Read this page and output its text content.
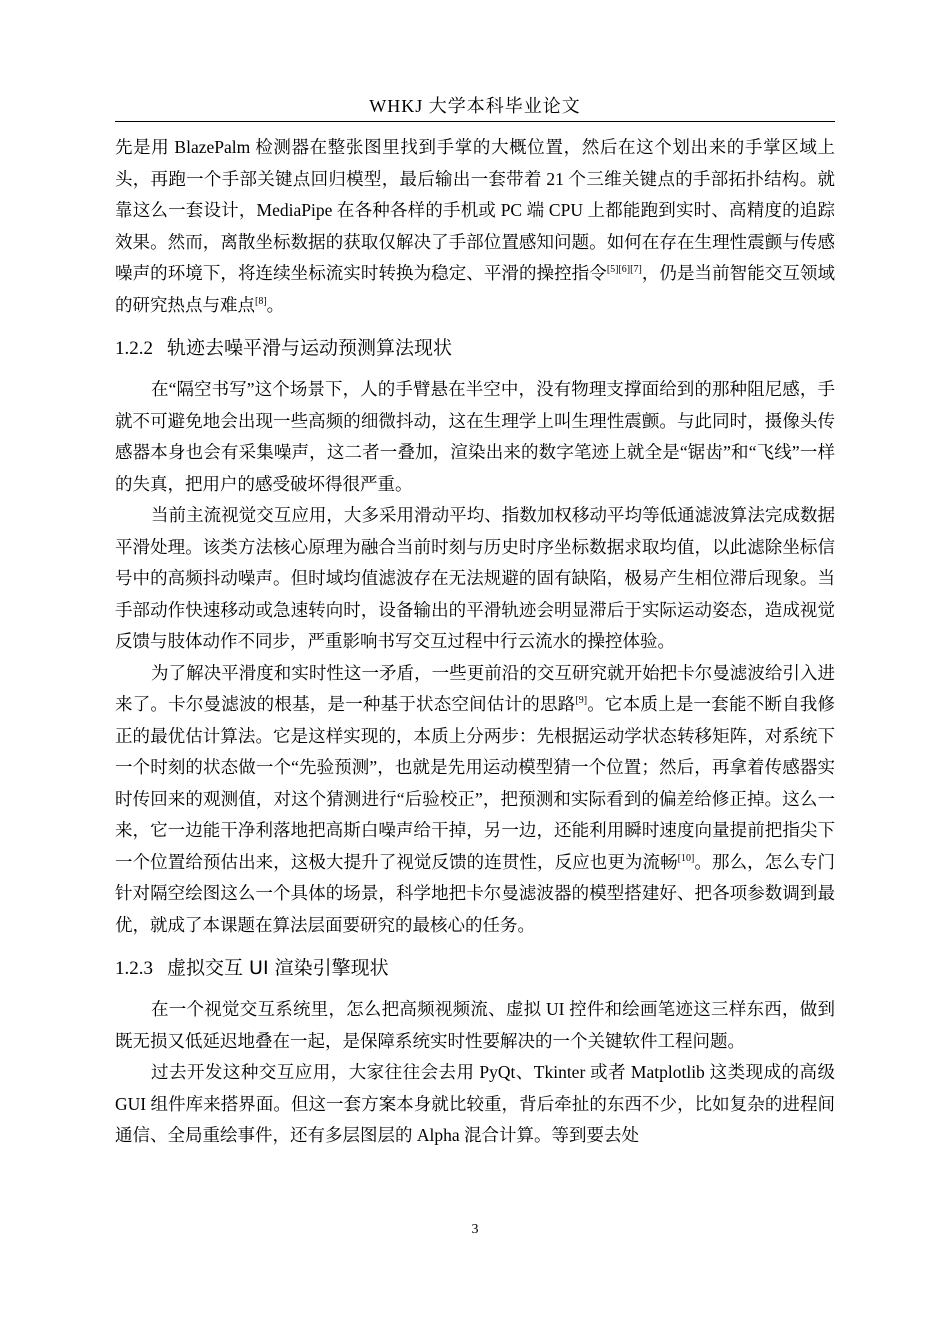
WHKJ 大学本科毕业论文

先是用 BlazePalm 检测器在整张图里找到手掌的大概位置，然后在这个划出来的手掌区域上头，再跑一个手部关键点回归模型，最后输出一套带着 21 个三维关键点的手部拓扑结构。就靠这么一套设计，MediaPipe 在各种各样的手机或 PC 端 CPU 上都能跑到实时、高精度的追踪效果。然而，离散坐标数据的获取仅解决了手部位置感知问题。如何在存在生理性震颤与传感噪声的环境下，将连续坐标流实时转换为稳定、平滑的操控指令[5][6][7]，仍是当前智能交互领域的研究热点与难点[8]。

1.2.2 轨迹去噪平滑与运动预测算法现状

在“隔空书写”这个场景下，人的手臂悬在半空中，没有物理支撑面给到的那种阻尼感，手就不可避免地会出现一些高频的细微抖动，这在生理学上叫生理性震颤。与此同时，摄像头传感器本身也会有采集噪声，这二者一叠加，渲染出来的数字笔迹上就全是“锯齿”和“飞线”一样的失真，把用户的感受破坏得很严重。

当前主流视觉交互应用，大多采用滑动平均、指数加权移动平均等低通滤波算法完成数据平滑处理。该类方法核心原理为融合当前时刻与历史时序坐标数据求取均值，以此滤除坐标信号中的高频抖动噪声。但时域均值滤波存在无法规避的固有缺陷，极易产生相位滞后现象。当手部动作快速移动或急速转向时，设备输出的平滑轨迹会明显滞后于实际运动姿态，造成视觉反馈与肢体动作不同步，严重影响书写交互过程中行云流水的操控体验。

为了解决平滑度和实时性这一矛盾，一些更前沿的交互研究就开始把卡尔曼滤波给引入进来了。卡尔曼滤波的根基，是一种基于状态空间估计的思路[9]。它本质上是一套能不断自我修正的最优估计算法。它是这样实现的，本质上分两步：先根据运动学状态转移矩阵，对系统下一个时刻的状态做一个“先验预测”，也就是先用运动模型猜一个位置；然后，再拿着传感器实时传回来的观测值，对这个猜测进行“后验校正”，把预测和实际看到的偏差给修正掉。这么一来，它一边能干净利落地把高斯白噪声给干掉，另一边，还能利用瞬时速度向量提前把指尖下一个位置给预估出来，这极大提升了视觉反馈的连贯性，反应也更为流畅[10]。那么，怎么专门针对隔空绘图这么一个具体的场景，科学地把卡尔曼滤波器的模型搭建好、把各项参数调到最优，就成了本课题在算法层面要研究的最核心的任务。

1.2.3 虚拟交互 UI 渲染引擎现状

在一个视觉交互系统里，怎么把高频视频流、虚拟 UI 控件和绘画笔迹这三样东西，做到既无损又低延迟地叠在一起，是保障系统实时性要解决的一个关键软件工程问题。

过去开发这种交互应用，大家往往会去用 PyQt、Tkinter 或者 Matplotlib 这类现成的高级 GUI 组件库来搭界面。但这一套方案本身就比较重，背后牵扯的东西不少，比如复杂的进程间通信、全局重绘事件，还有多层图层的 Alpha 混合计算。等到要去处

3
